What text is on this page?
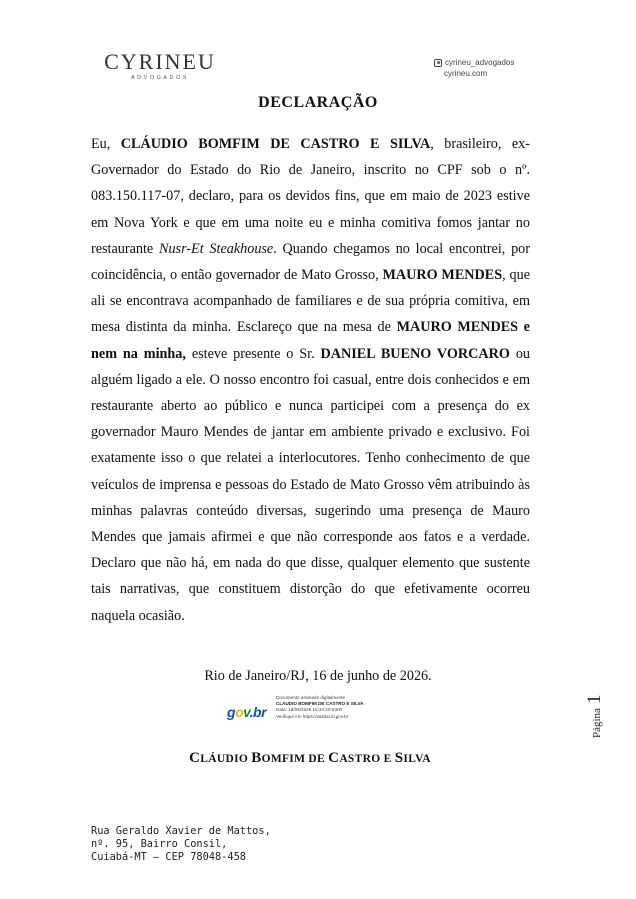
CYRINEU
ADVOGADOS
cyrineu_advogados
cyrineu.com
DECLARAÇÃO

Eu, CLÁUDIO BOMFIM DE CASTRO E SILVA, brasileiro, ex-Governador do Estado do Rio de Janeiro, inscrito no CPF sob o nº. 083.150.117-07, declaro, para os devidos fins, que em maio de 2023 estive em Nova York e que em uma noite eu e minha comitiva fomos jantar no restaurante Nusr-Et Steakhouse. Quando chegamos no local encontrei, por coincidência, o então governador de Mato Grosso, MAURO MENDES, que ali se encontrava acompanhado de familiares e de sua própria comitiva, em mesa distinta da minha. Esclareço que na mesa de MAURO MENDES e nem na minha, esteve presente o Sr. DANIEL BUENO VORCARO ou alguém ligado a ele. O nosso encontro foi casual, entre dois conhecidos e em restaurante aberto ao público e nunca participei com a presença do ex governador Mauro Mendes de jantar em ambiente privado e exclusivo. Foi exatamente isso o que relatei a interlocutores. Tenho conhecimento de que veículos de imprensa e pessoas do Estado de Mato Grosso vêm atribuindo às minhas palavras conteúdo diversas, sugerindo uma presença de Mauro Mendes que jamais afirmei e que não corresponde aos fatos e a verdade. Declaro que não há, em nada do que disse, qualquer elemento que sustente tais narrativas, que constituem distorção do que efetivamente ocorreu naquela ocasião.

Rio de Janeiro/RJ, 16 de junho de 2026.
gov.br
Documento assinado digitalmente
CLAUDIO BOMFIM DE CASTRO E SILVA
Data: 18/06/2026 15:34:20-0300
Verifique em https://validar.iti.gov.br
CLÁUDIO BOMFIM DE CASTRO E SILVA
Página 1
Rua Geraldo Xavier de Mattos,
nº. 95, Bairro Consil,
Cuiabá-MT – CEP 78048-458
